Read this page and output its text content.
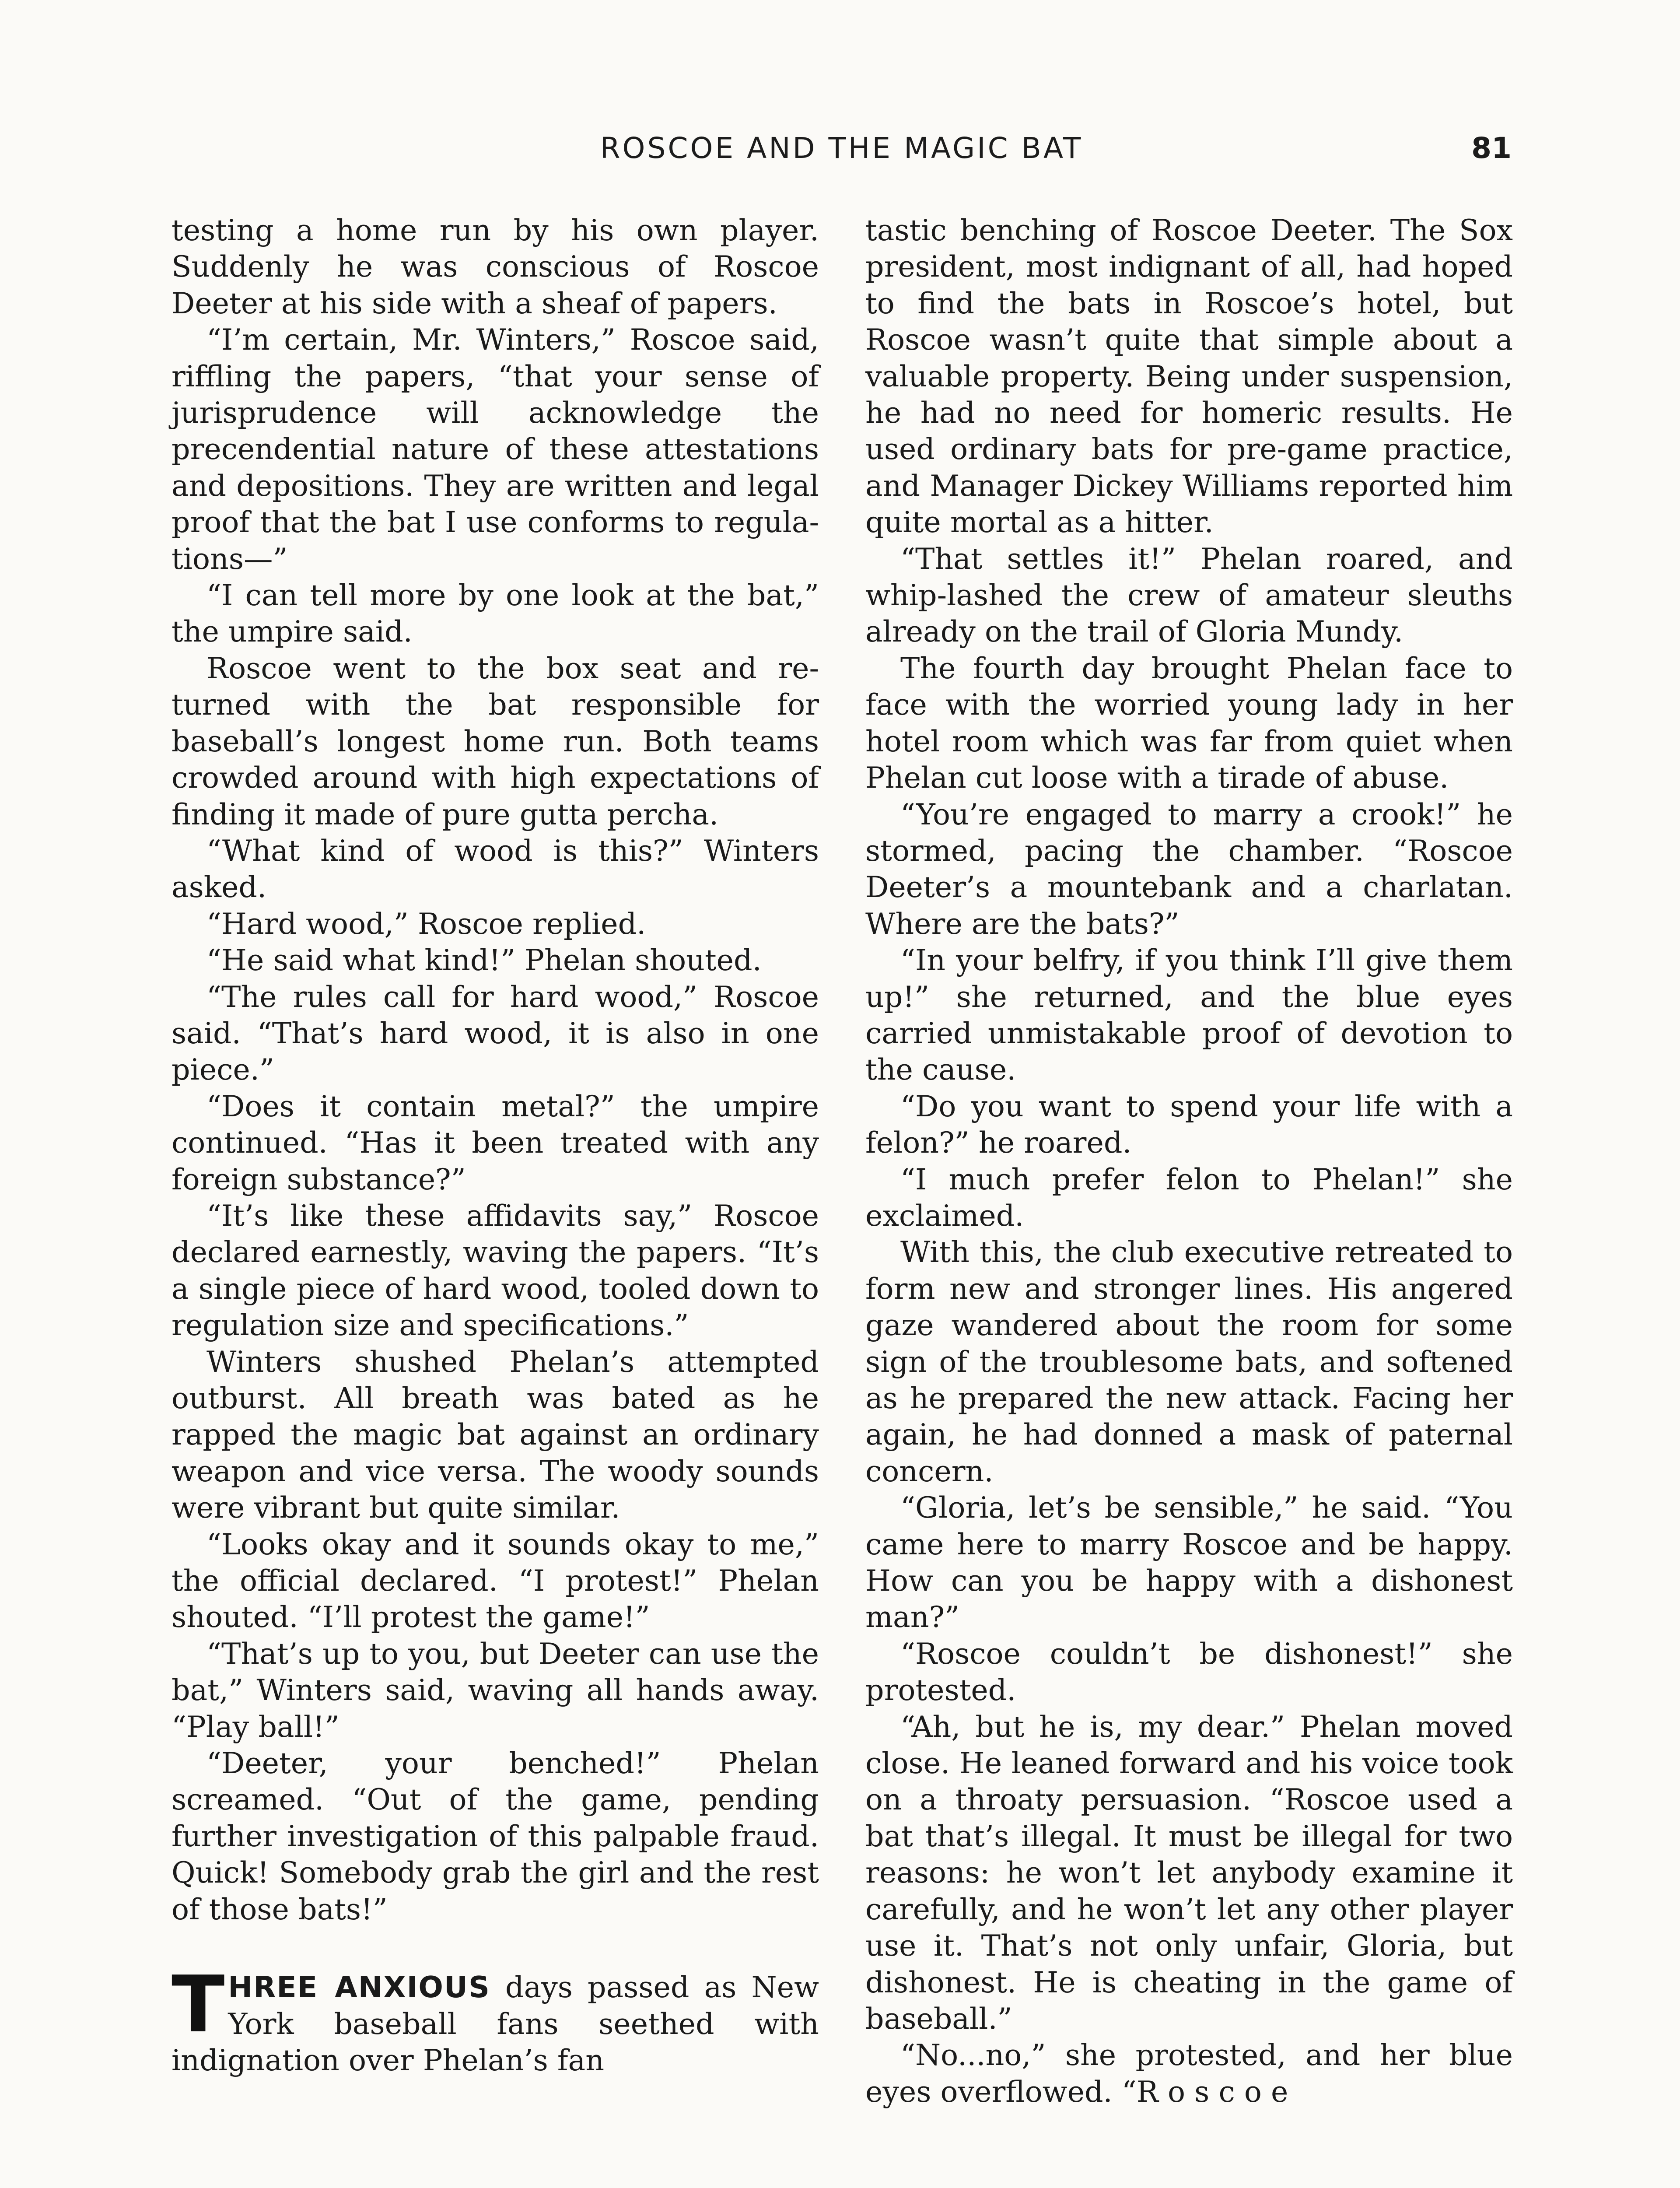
ROSCOE AND THE MAGIC BAT	81

testing a home run by his own player. Suddenly he was conscious of Roscoe Deeter at his side with a sheaf of papers.

“I’m certain, Mr. Winters,” Roscoe said, riffling the papers, “that your sense of jurisprudence will acknowledge the precendential nature of these attestations and depositions. They are written and legal proof that the bat I use conforms to regulations—”

“I can tell more by one look at the bat,” the umpire said.

Roscoe went to the box seat and returned with the bat responsible for baseball’s longest home run. Both teams crowded around with high expectations of finding it made of pure gutta percha.

“What kind of wood is this?” Winters asked.

“Hard wood,” Roscoe replied.

“He said what kind!” Phelan shouted.

“The rules call for hard wood,” Roscoe said. “That’s hard wood, it is also in one piece.”

“Does it contain metal?” the umpire continued. “Has it been treated with any foreign substance?”

“It’s like these affidavits say,” Roscoe declared earnestly, waving the papers. “It’s a single piece of hard wood, tooled down to regulation size and specifications.”

Winters shushed Phelan’s attempted outburst. All breath was bated as he rapped the magic bat against an ordinary weapon and vice versa. The woody sounds were vibrant but quite similar.

“Looks okay and it sounds okay to me,” the official declared. “I protest!” Phelan shouted. “I’ll protest the game!”

“That’s up to you, but Deeter can use the bat,” Winters said, waving all hands away. “Play ball!”

“Deeter, your benched!” Phelan screamed. “Out of the game, pending further investigation of this palpable fraud. Quick! Somebody grab the girl and the rest of those bats!”

THREE ANXIOUS days passed as New York baseball fans seethed with indignation over Phelan’s fan

tastic benching of Roscoe Deeter. The Sox president, most indignant of all, had hoped to find the bats in Roscoe’s hotel, but Roscoe wasn’t quite that simple about a valuable property. Being under suspension, he had no need for homeric results. He used ordinary bats for pre-game practice, and Manager Dickey Williams reported him quite mortal as a hitter.

“That settles it!” Phelan roared, and whip-lashed the crew of amateur sleuths already on the trail of Gloria Mundy.

The fourth day brought Phelan face to face with the worried young lady in her hotel room which was far from quiet when Phelan cut loose with a tirade of abuse.

“You’re engaged to marry a crook!” he stormed, pacing the chamber. “Roscoe Deeter’s a mountebank and a charlatan. Where are the bats?”

“In your belfry, if you think I’ll give them up!” she returned, and the blue eyes carried unmistakable proof of devotion to the cause.

“Do you want to spend your life with a felon?” he roared.

“I much prefer felon to Phelan!” she exclaimed.

With this, the club executive retreated to form new and stronger lines. His angered gaze wandered about the room for some sign of the troublesome bats, and softened as he prepared the new attack. Facing her again, he had donned a mask of paternal concern.

“Gloria, let’s be sensible,” he said. “You came here to marry Roscoe and be happy. How can you be happy with a dishonest man?”

“Roscoe couldn’t be dishonest!” she protested.

“Ah, but he is, my dear.” Phelan moved close. He leaned forward and his voice took on a throaty persuasion. “Roscoe used a bat that’s illegal. It must be illegal for two reasons: he won’t let anybody examine it carefully, and he won’t let any other player use it. That’s not only unfair, Gloria, but dishonest. He is cheating in the game of baseball.”

“No...no,” she protested, and her blue eyes overflowed. “R o s c o e
